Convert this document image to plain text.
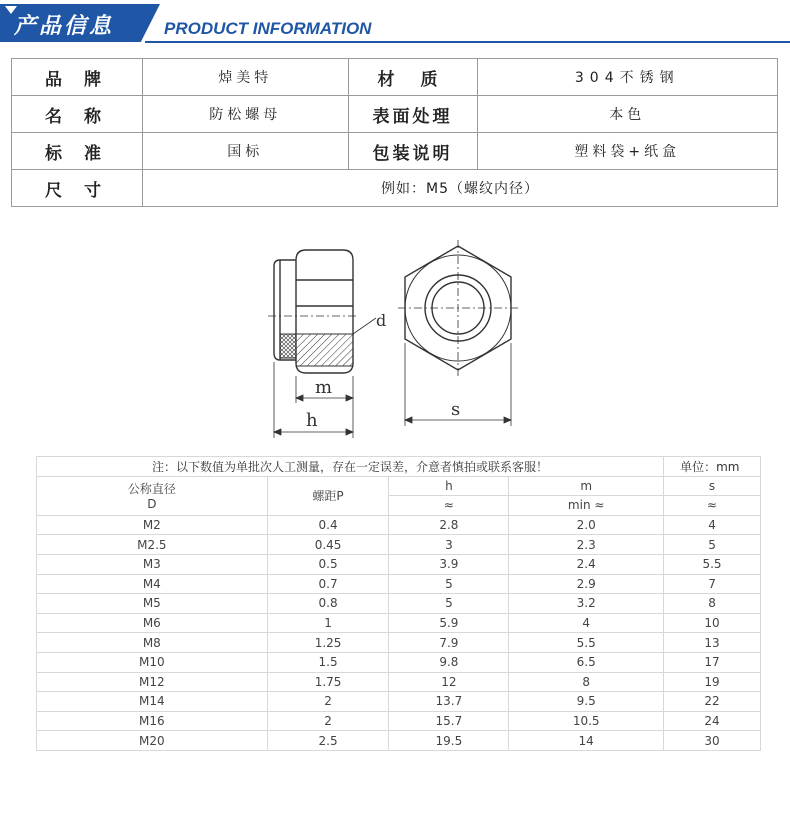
产品信息	PRODUCT INFORMATION
品 牌	焯美特	材 质	304不锈钢
名 称	防松螺母	表面处理	本色
标 准	国标	包装说明	塑料袋+纸盒
尺 寸	例如：M5（螺纹内径）		
d
m
h
s
注：以下数值为单批次人工测量，存在一定误差，介意者慎拍或联系客服！				单位：mm

公称直径
D	螺距P	h	m	s
		≈	min ≈	≈
M2	0.4	2.8	2.0	4
M2.5	0.45	3	2.3	5
M3	0.5	3.9	2.4	5.5
M4	0.7	5	2.9	7
M5	0.8	5	3.2	8
M6	1	5.9	4	10
M8	1.25	7.9	5.5	13
M10	1.5	9.8	6.5	17
M12	1.75	12	8	19
M14	2	13.7	9.5	22
M16	2	15.7	10.5	24
M20	2.5	19.5	14	30
